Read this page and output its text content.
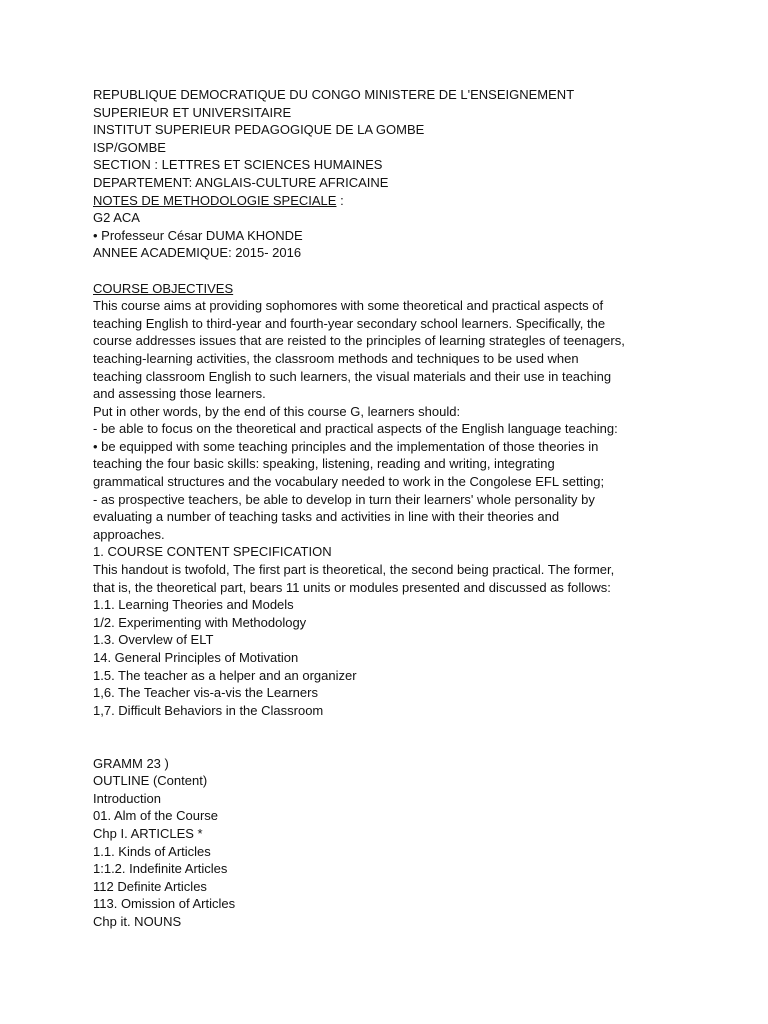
REPUBLIQUE DEMOCRATIQUE DU CONGO MINISTERE DE L'ENSEIGNEMENT
SUPERIEUR ET UNIVERSITAIRE
INSTITUT SUPERIEUR PEDAGOGIQUE DE LA GOMBE
ISP/GOMBE
SECTION : LETTRES ET SCIENCES HUMAINES
DEPARTEMENT: ANGLAIS-CULTURE AFRICAINE
NOTES DE METHODOLOGIE SPECIALE :
G2 ACA
• Professeur César DUMA KHONDE
ANNEE ACADEMIQUE: 2015- 2016
COURSE OBJECTIVES
This course aims at providing sophomores with some theoretical and practical aspects of
teaching English to third-year and fourth-year secondary school learners. Specifically, the
course addresses issues that are reisted to the principles of learning strategles of teenagers,
teaching-learning activities, the classroom methods and techniques to be used when
teaching classroom English to such learners, the visual materials and their use in teaching
and assessing those learners.
Put in other words, by the end of this course G, learners should:
- be able to focus on the theoretical and practical aspects of the English language teaching:
• be equipped with some teaching principles and the implementation of those theories in
teaching the four basic skills: speaking, listening, reading and writing, integrating
grammatical structures and the vocabulary needed to work in the Congolese EFL setting;
- as prospective teachers, be able to develop in turn their learners' whole personality by
evaluating a number of teaching tasks and activities in line with their theories and
approaches.
1. COURSE CONTENT SPECIFICATION
This handout is twofold, The first part is theoretical, the second being practical. The former,
that is, the theoretical part, bears 11 units or modules presented and discussed as follows:
1.1. Learning Theories and Models
1/2. Experimenting with Methodology
1.3. Overvlew of ELT
14. General Principles of Motivation
1.5. The teacher as a helper and an organizer
1,6. The Teacher vis-a-vis the Learners
1,7. Difficult Behaviors in the Classroom
GRAMM 23 )
OUTLINE (Content)
Introduction
01. Alm of the Course
Chp I. ARTICLES *
1.1. Kinds of Articles
1:1.2. Indefinite Articles
112 Definite Articles
113. Omission of Articles
Chp it. NOUNS
